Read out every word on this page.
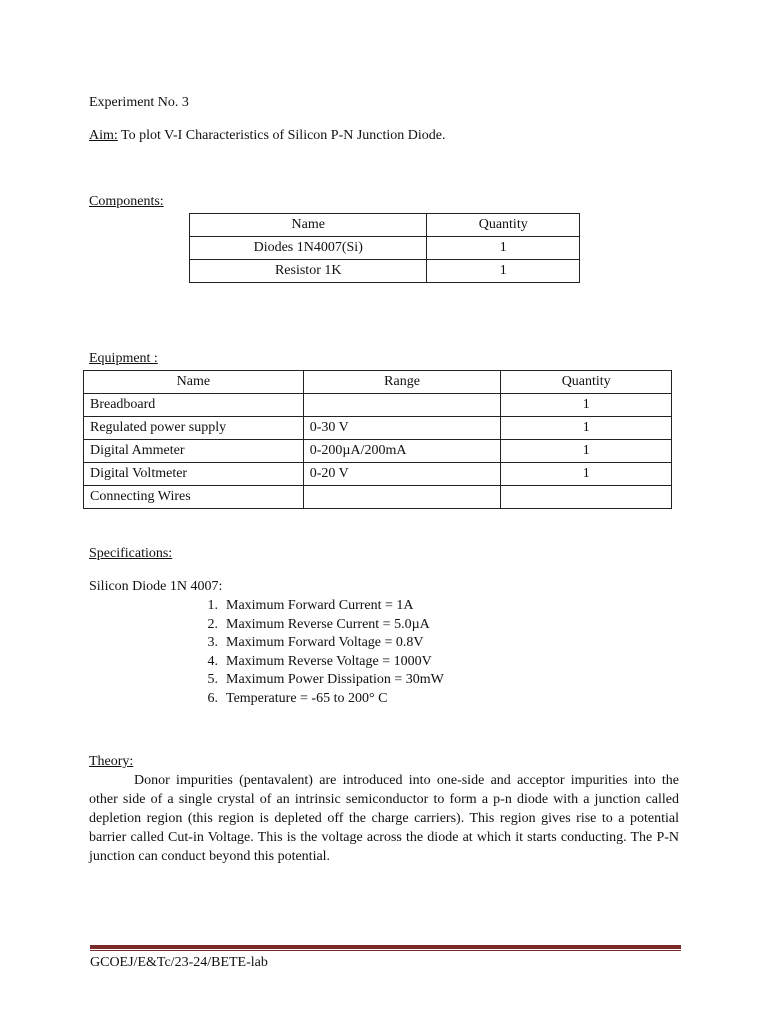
Experiment No. 3
Aim: To plot V-I Characteristics of Silicon P-N Junction Diode.
Components:
Name	Quantity
Diodes 1N4007(Si)	1
Resistor 1K	1
Equipment :
Name	Range	Quantity
Breadboard		1
Regulated power supply	0-30 V	1
Digital Ammeter	0-200µA/200mA	1
Digital Voltmeter	0-20 V	1
Connecting Wires		
Specifications:
Silicon Diode 1N 4007:
1. Maximum Forward Current = 1A
2. Maximum Reverse Current = 5.0µA
3. Maximum Forward Voltage = 0.8V
4. Maximum Reverse Voltage = 1000V
5. Maximum Power Dissipation = 30mW
6. Temperature = -65 to 200° C
Theory:

Donor impurities (pentavalent) are introduced into one-side and acceptor impurities into the other side of a single crystal of an intrinsic semiconductor to form a p-n diode with a junction called depletion region (this region is depleted off the charge carriers). This region gives rise to a potential barrier called Cut-in Voltage. This is the voltage across the diode at which it starts conducting. The P-N junction can conduct beyond this potential.

GCOEJ/E&Tc/23-24/BETE-lab
